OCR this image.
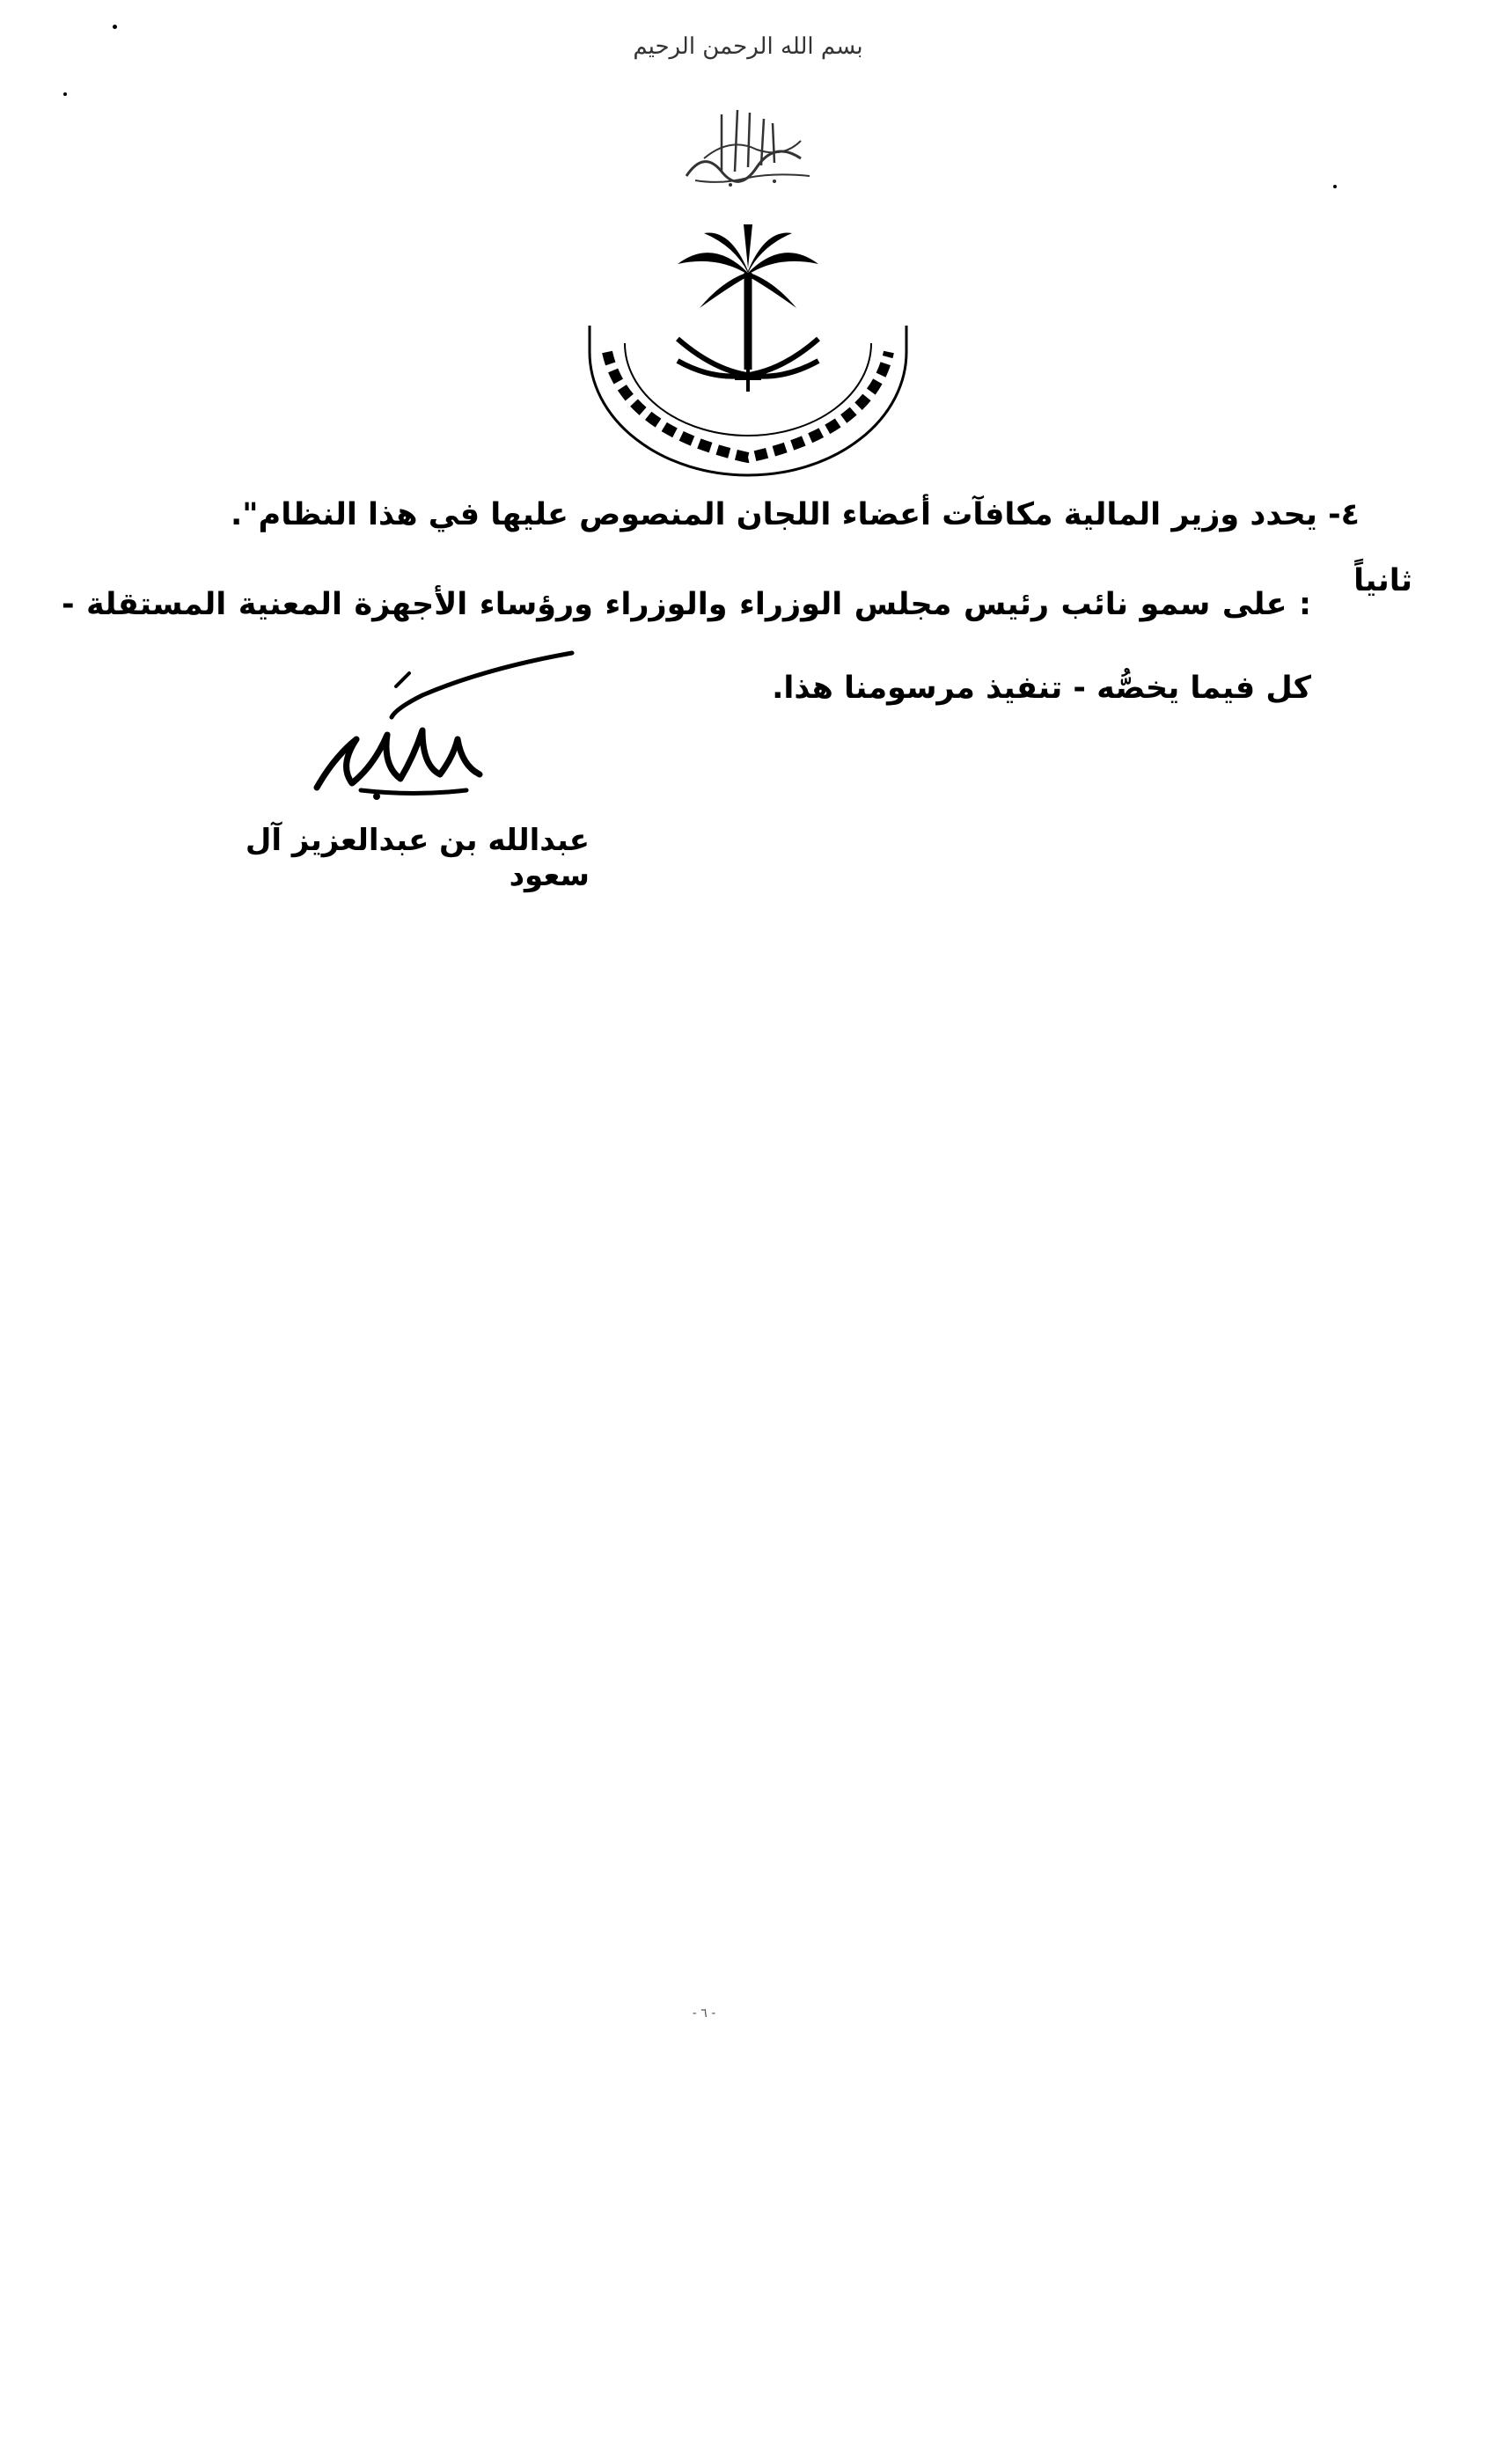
بسم الله الرحمن الرحيم
٤- يحدد وزير المالية مكافآت أعضاء اللجان المنصوص عليها في هذا النظام".
ثانياً
: على سمو نائب رئيس مجلس الوزراء والوزراء ورؤساء الأجهزة المعنية المستقلة - كل فيما يخصُّه - تنفيذ مرسومنا هذا.
عبدالله بن عبدالعزيز آل سعود
- ٦ -
